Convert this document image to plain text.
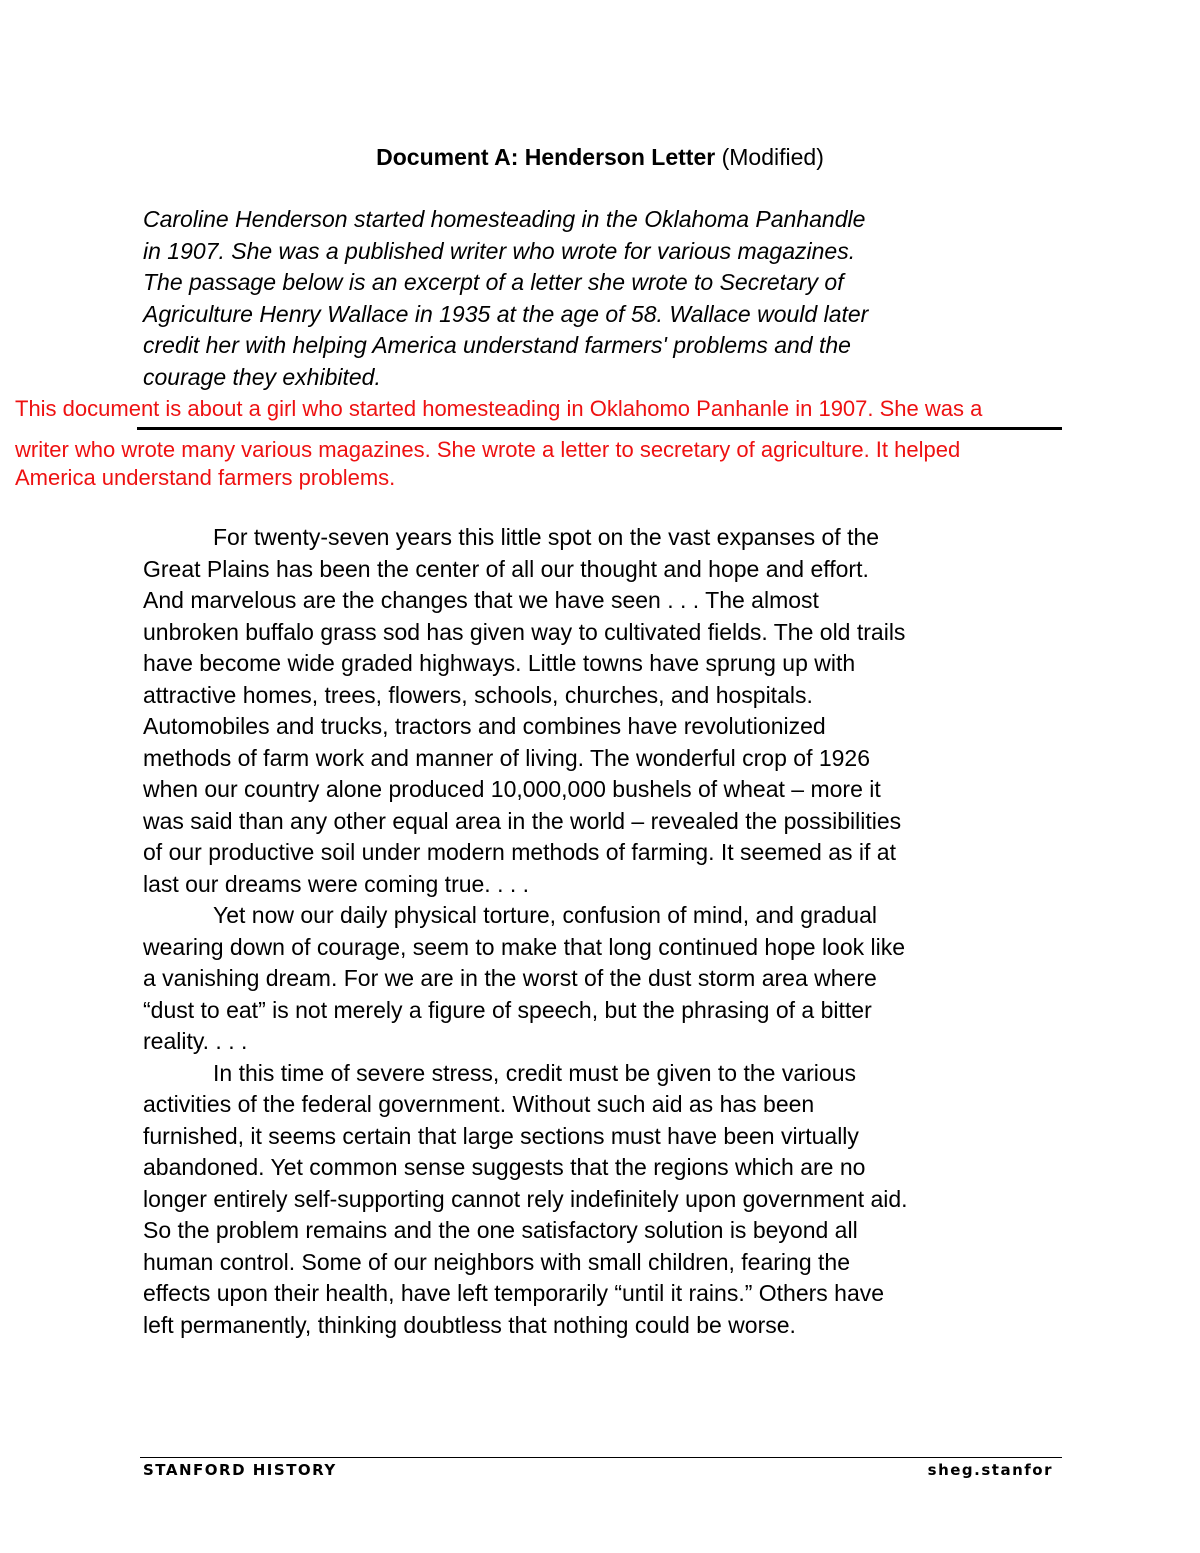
Document A: Henderson Letter (Modified)
Caroline Henderson started homesteading in the Oklahoma Panhandle
in 1907. She was a published writer who wrote for various magazines.
The passage below is an excerpt of a letter she wrote to Secretary of
Agriculture Henry Wallace in 1935 at the age of 58. Wallace would later
credit her with helping America understand farmers' problems and the
courage they exhibited.
This document is about a girl who started homesteading in Oklahomo Panhanle in 1907. She was a
writer who wrote many various magazines. She wrote a letter to secretary of agriculture. It helped
America understand farmers problems.
For twenty-seven years this little spot on the vast expanses of the
Great Plains has been the center of all our thought and hope and effort.
And marvelous are the changes that we have seen . . . The almost
unbroken buffalo grass sod has given way to cultivated fields. The old trails
have become wide graded highways. Little towns have sprung up with
attractive homes, trees, flowers, schools, churches, and hospitals.
Automobiles and trucks, tractors and combines have revolutionized
methods of farm work and manner of living. The wonderful crop of 1926
when our country alone produced 10,000,000 bushels of wheat – more it
was said than any other equal area in the world – revealed the possibilities
of our productive soil under modern methods of farming. It seemed as if at
last our dreams were coming true. . . .
Yet now our daily physical torture, confusion of mind, and gradual
wearing down of courage, seem to make that long continued hope look like
a vanishing dream. For we are in the worst of the dust storm area where
“dust to eat” is not merely a figure of speech, but the phrasing of a bitter
reality. . . .
In this time of severe stress, credit must be given to the various
activities of the federal government. Without such aid as has been
furnished, it seems certain that large sections must have been virtually
abandoned. Yet common sense suggests that the regions which are no
longer entirely self-supporting cannot rely indefinitely upon government aid.
So the problem remains and the one satisfactory solution is beyond all
human control. Some of our neighbors with small children, fearing the
effects upon their health, have left temporarily “until it rains.” Others have
left permanently, thinking doubtless that nothing could be worse.
STANFORD HISTORY	sheg.stanfor
